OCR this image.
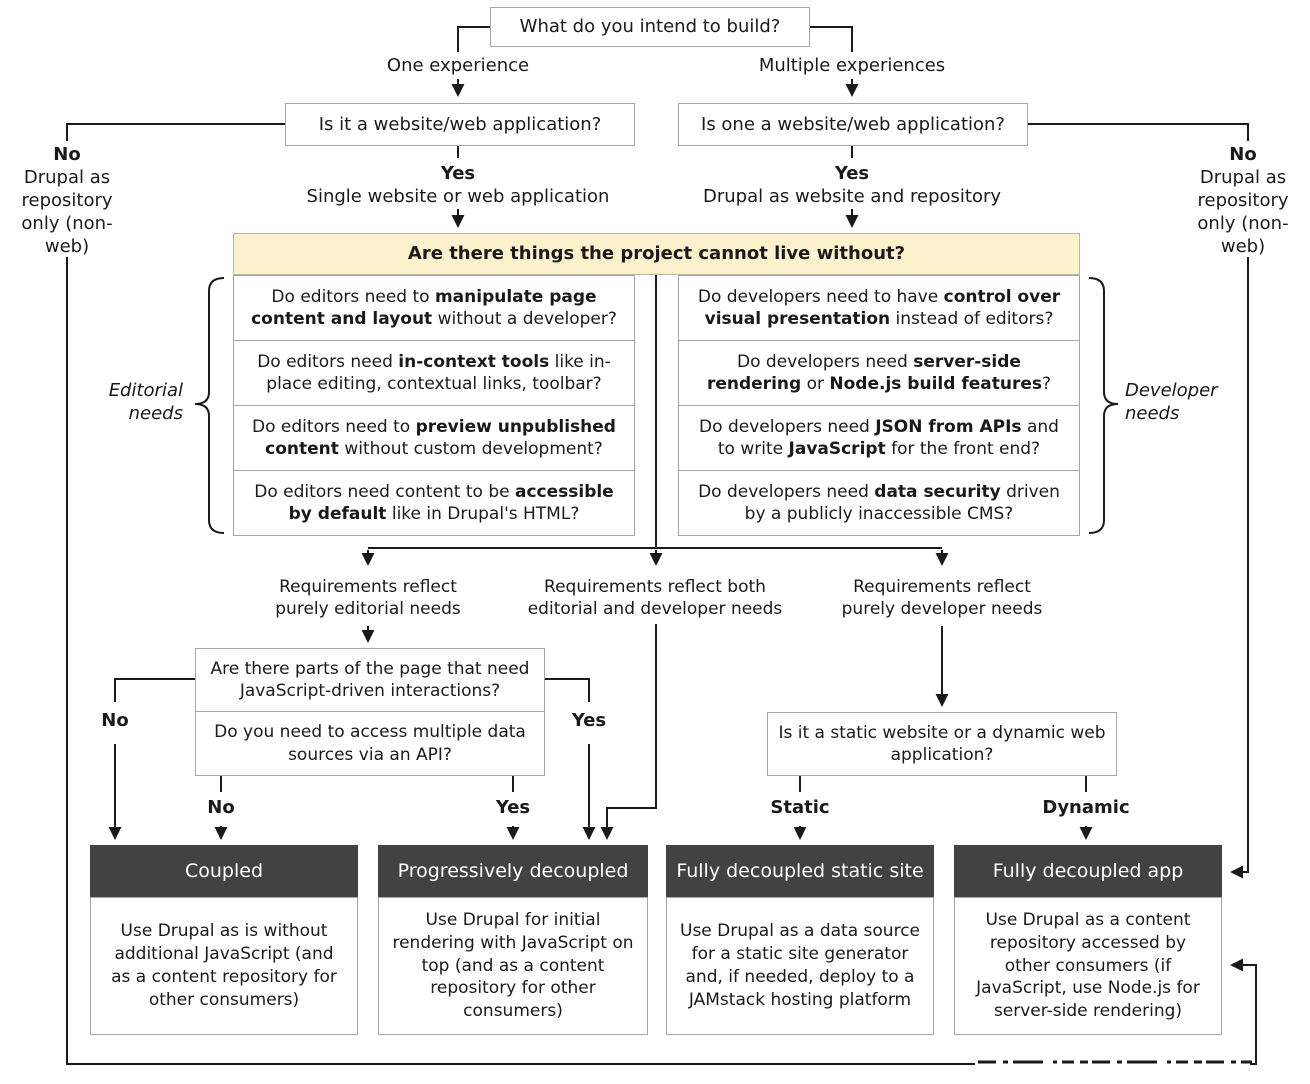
What do you intend to build?
One experience	Multiple experiences
Is it a website/web application?	Is one a website/web application?
No
Drupal as repository only (non-web)
No
Drupal as repository only (non-web)
Yes
Single website or web application
Yes
Drupal as website and repository
Are there things the project cannot live without?
Do editors need to manipulate page content and layout without a developer?
Do editors need in-context tools like in-place editing, contextual links, toolbar?
Do editors need to preview unpublished content without custom development?
Do editors need content to be accessible by default like in Drupal's HTML?
Do developers need to have control over visual presentation instead of editors?
Do developers need server-side rendering or Node.js build features?
Do developers need JSON from APIs and to write JavaScript for the front end?
Do developers need data security driven by a publicly inaccessible CMS?
Editorial needs
Developer needs
Requirements reflect purely editorial needs
Requirements reflect both editorial and developer needs
Requirements reflect purely developer needs
Are there parts of the page that need JavaScript-driven interactions?
Do you need to access multiple data sources via an API?
Is it a static website or a dynamic web application?
No	Yes
No	Yes	Static	Dynamic
Coupled
Use Drupal as is without additional JavaScript (and as a content repository for other consumers)
Progressively decoupled
Use Drupal for initial rendering with JavaScript on top (and as a content repository for other consumers)
Fully decoupled static site
Use Drupal as a data source for a static site generator and, if needed, deploy to a JAMstack hosting platform
Fully decoupled app
Use Drupal as a content repository accessed by other consumers (if JavaScript, use Node.js for server-side rendering)
